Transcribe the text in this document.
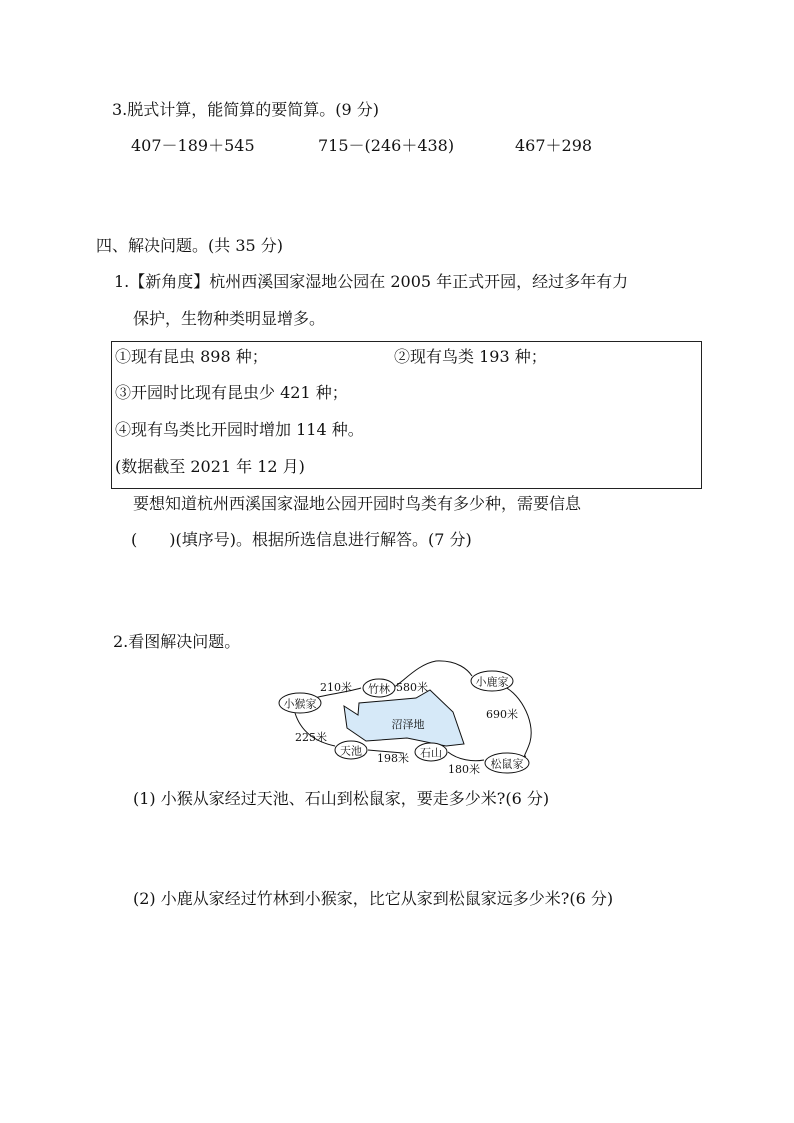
3.脱式计算，能简算的要简算。(9 分)
407－189＋545	715－(246＋438)	467＋298
四、解决问题。(共 35 分)
1.【新角度】杭州西溪国家湿地公园在 2005 年正式开园，经过多年有力
保护，生物种类明显增多。
①现有昆虫 898 种；	②现有鸟类 193 种；
③开园时比现有昆虫少 421 种；
④现有鸟类比开园时增加 114 种。
(数据截至 2021 年 12 月)
要想知道杭州西溪国家湿地公园开园时鸟类有多少种，需要信息
(　　)(填序号)。根据所选信息进行解答。(7 分)
2.看图解决问题。
小猴家
竹林
小鹿家
松鼠家
天池	石山
沼泽地
210米	580米
690米
225米
198米
180米
(1) 小猴从家经过天池、石山到松鼠家，要走多少米?(6 分)
(2) 小鹿从家经过竹林到小猴家，比它从家到松鼠家远多少米?(6 分)
